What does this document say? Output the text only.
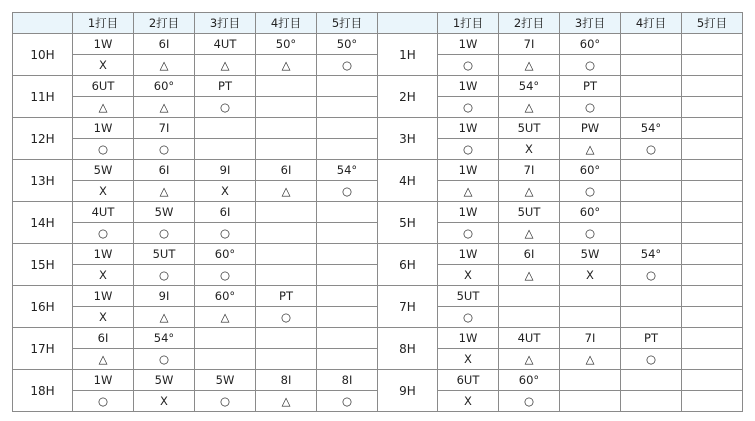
	1打目	2打目	3打目	4打目	5打目		1打目	2打目	3打目	4打目	5打目
10H	1W	6I	4UT	50°	50°	1H	1W	7I	60°		
	X	△	△	△	○		○	△	○		
11H	6UT	60°	PT			2H	1W	54°	PT		
	△	△	○				○	△	○		
12H	1W	7I				3H	1W	5UT	PW	54°	
	○	○					○	X	△	○	
13H	5W	6I	9I	6I	54°	4H	1W	7I	60°		
	X	△	X	△	○		△	△	○		
14H	4UT	5W	6I			5H	1W	5UT	60°		
	○	○	○				○	△	○		
15H	1W	5UT	60°			6H	1W	6I	5W	54°	
	X	○	○				X	△	X	○	
16H	1W	9I	60°	PT		7H	5UT				
	X	△	△	○			○				
17H	6I	54°				8H	1W	4UT	7I	PT	
	△	○					X	△	△	○	
18H	1W	5W	5W	8I	8I	9H	6UT	60°			
	○	X	○	△	○		X	○			
